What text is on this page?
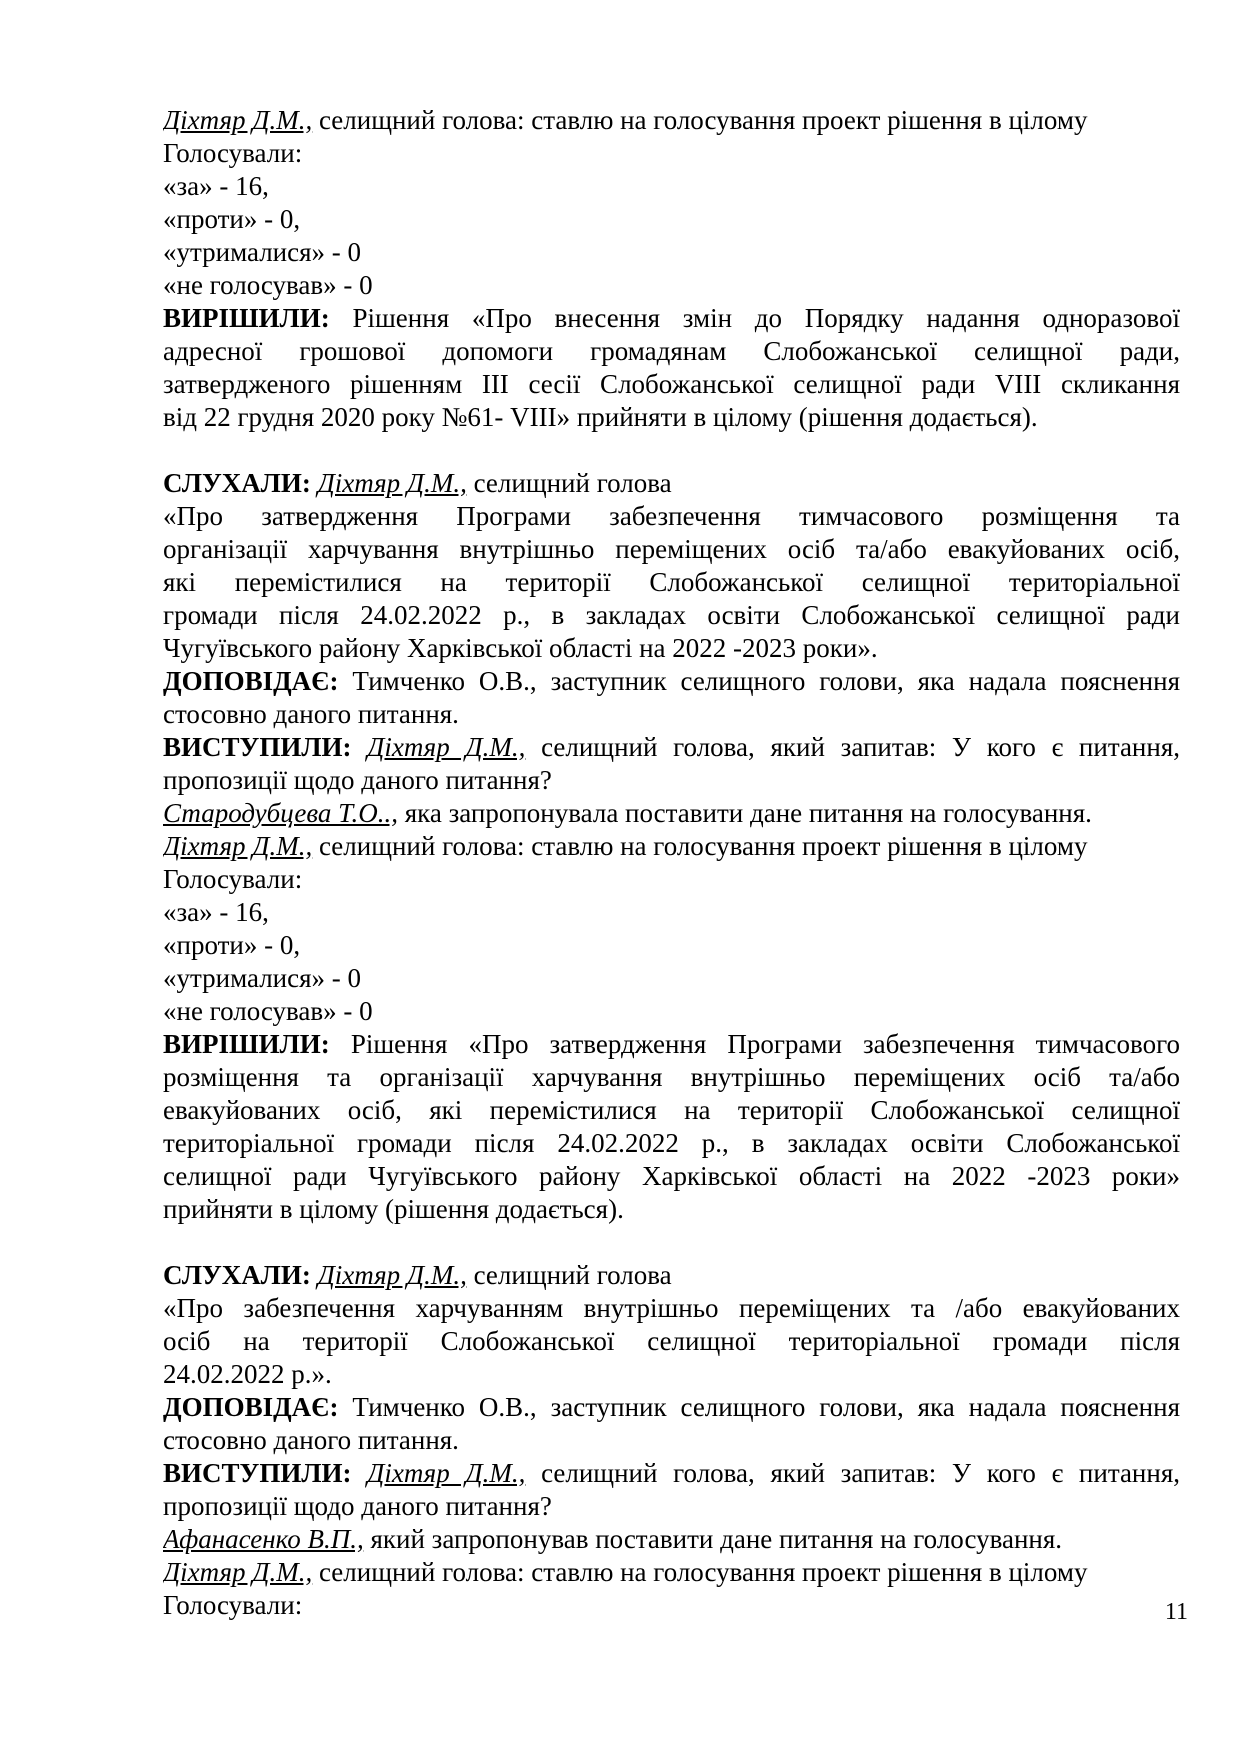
Діхтяр Д.М., селищний голова: ставлю на голосування проект рішення в цілому
Голосували:
«за» - 16,
«проти» - 0,
«утрималися» - 0
«не голосував» - 0
ВИРІШИЛИ: Рішення «Про внесення змін до Порядку надання одноразової
адресної грошової допомоги громадянам Слобожанської селищної ради,
затвердженого рішенням ІІІ сесії Слобожанської селищної ради VIII скликання
від 22 грудня 2020 року №61- VІІI» прийняти в цілому (рішення додається).
СЛУХАЛИ: Діхтяр Д.М., селищний голова
«Про затвердження Програми забезпечення тимчасового розміщення та
організації харчування внутрішньо переміщених осіб та/або евакуйованих осіб,
які перемістилися на території Слобожанської селищної територіальної
громади після 24.02.2022 р., в закладах освіти Слобожанської селищної ради
Чугуївського району Харківської області на 2022 -2023 роки».
ДОПОВІДАЄ: Тимченко О.В., заступник селищного голови, яка надала пояснення
стосовно даного питання.
ВИСТУПИЛИ: Діхтяр Д.М., селищний голова, який запитав: У кого є питання,
пропозиції щодо даного питання?
Стародубцева Т.О.., яка запропонувала поставити дане питання на голосування.
Діхтяр Д.М., селищний голова: ставлю на голосування проект рішення в цілому
Голосували:
«за» - 16,
«проти» - 0,
«утрималися» - 0
«не голосував» - 0
ВИРІШИЛИ: Рішення «Про затвердження Програми забезпечення тимчасового
розміщення та організації харчування внутрішньо переміщених осіб та/або
евакуйованих осіб, які перемістилися на території Слобожанської селищної
територіальної громади після 24.02.2022 р., в закладах освіти Слобожанської
селищної ради Чугуївського району Харківської області на 2022 -2023 роки»
прийняти в цілому (рішення додається).
СЛУХАЛИ: Діхтяр Д.М., селищний голова
«Про забезпечення харчуванням внутрішньо переміщених та /або евакуйованих
осіб на території Слобожанської селищної територіальної громади після
24.02.2022 р.».
ДОПОВІДАЄ: Тимченко О.В., заступник селищного голови, яка надала пояснення
стосовно даного питання.
ВИСТУПИЛИ: Діхтяр Д.М., селищний голова, який запитав: У кого є питання,
пропозиції щодо даного питання?
Афанасенко В.П., який запропонував поставити дане питання на голосування.
Діхтяр Д.М., селищний голова: ставлю на голосування проект рішення в цілому
Голосували:	11
